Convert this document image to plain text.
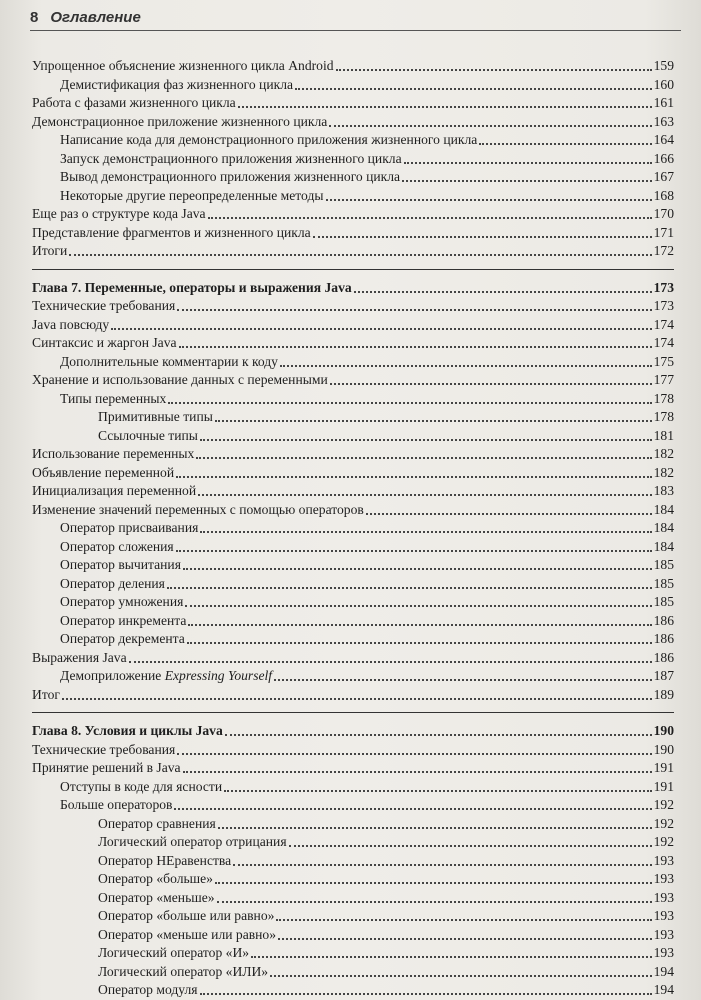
8 Оглавление
Упрощенное объяснение жизненного цикла Android	159
Демистификация фаз жизненного цикла	160
Работа с фазами жизненного цикла	161
Демонстрационное приложение жизненного цикла	163
Написание кода для демонстрационного приложения жизненного цикла	164
Запуск демонстрационного приложения жизненного цикла	166
Вывод демонстрационного приложения жизненного цикла	167
Некоторые другие переопределенные методы	168
Еще раз о структуре кода Java	170
Представление фрагментов и жизненного цикла	171
Итоги	172
Глава 7. Переменные, операторы и выражения Java	173
Технические требования	173
Java повсюду	174
Синтаксис и жаргон Java	174
Дополнительные комментарии к коду	175
Хранение и использование данных с переменными	177
Типы переменных	178
Примитивные типы	178
Ссылочные типы	181
Использование переменных	182
Объявление переменной	182
Инициализация переменной	183
Изменение значений переменных с помощью операторов	184
Оператор присваивания	184
Оператор сложения	184
Оператор вычитания	185
Оператор деления	185
Оператор умножения	185
Оператор инкремента	186
Оператор декремента	186
Выражения Java	186
Демоприложение Expressing Yourself	187
Итог	189
Глава 8. Условия и циклы Java	190
Технические требования	190
Принятие решений в Java	191
Отступы в коде для ясности	191
Больше операторов	192
Оператор сравнения	192
Логический оператор отрицания	192
Оператор НЕравенства	193
Оператор «больше»	193
Оператор «меньше»	193
Оператор «больше или равно»	193
Оператор «меньше или равно»	193
Логический оператор «И»	193
Логический оператор «ИЛИ»	194
Оператор модуля	194
